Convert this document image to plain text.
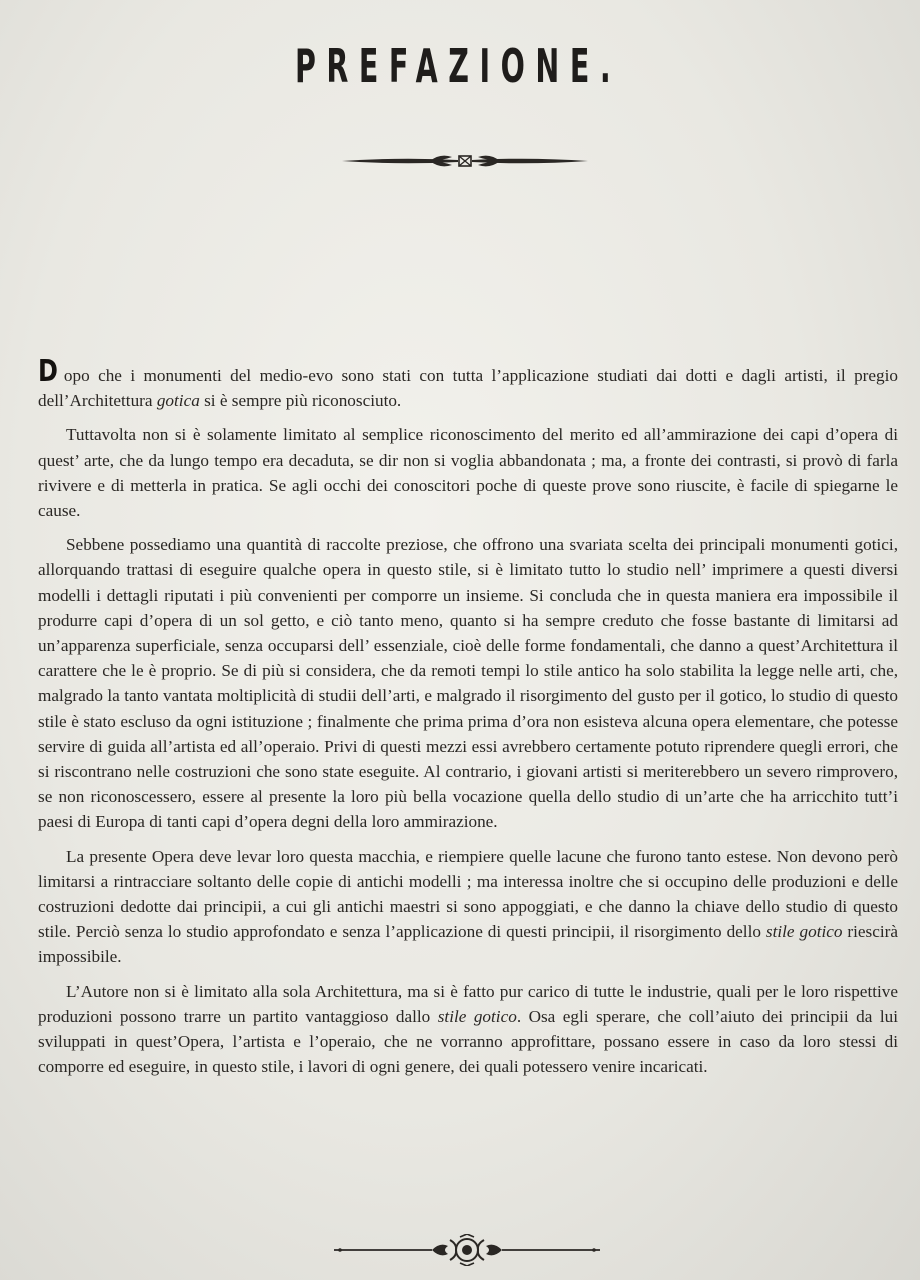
PREFAZIONE.

Dopo che i monumenti del medio-evo sono stati con tutta l’applicazione studiati dai dotti e dagli artisti, il pregio dell’Architettura gotica si è sempre più riconosciuto.

Tuttavolta non si è solamente limitato al semplice riconoscimento del merito ed all’ammirazione dei capi d’opera di quest’ arte, che da lungo tempo era decaduta, se dir non si voglia abbandonata ; ma, a fronte dei contrasti, si provò di farla rivivere e di metterla in pratica. Se agli occhi dei conoscitori poche di queste prove sono riuscite, è facile di spiegarne le cause.

Sebbene possediamo una quantità di raccolte preziose, che offrono una svariata scelta dei principali monumenti gotici, allorquando trattasi di eseguire qualche opera in questo stile, si è limitato tutto lo studio nell’ imprimere a questi diversi modelli i dettagli riputati i più convenienti per comporre un insieme. Si concluda che in questa maniera era impossibile il produrre capi d’opera di un sol getto, e ciò tanto meno, quanto si ha sempre creduto che fosse bastante di limitarsi ad un’apparenza superficiale, senza occuparsi dell’ essenziale, cioè delle forme fondamentali, che danno a quest’Architettura il carattere che le è proprio. Se di più si considera, che da remoti tempi lo stile antico ha solo stabilita la legge nelle arti, che, malgrado la tanto vantata moltiplicità di studii dell’arti, e malgrado il risorgimento del gusto per il gotico, lo studio di questo stile è stato escluso da ogni istituzione ; finalmente che prima prima d’ora non esisteva alcuna opera elementare, che potesse servire di guida all’artista ed all’operaio. Privi di questi mezzi essi avrebbero certamente potuto riprendere quegli errori, che si riscontrano nelle costruzioni che sono state eseguite. Al contrario, i giovani artisti si meriterebbero un severo rimprovero, se non riconoscessero, essere al presente la loro più bella vocazione quella dello studio di un’arte che ha arricchito tutt’i paesi di Europa di tanti capi d’opera degni della loro ammirazione.

La presente Opera deve levar loro questa macchia, e riempiere quelle lacune che furono tanto estese. Non devono però limitarsi a rintracciare soltanto delle copie di antichi modelli ; ma interessa inoltre che si occupino delle produzioni e delle costruzioni dedotte dai principii, a cui gli antichi maestri si sono appoggiati, e che danno la chiave dello studio di questo stile. Perciò senza lo studio approfondato e senza l’applicazione di questi principii, il risorgimento dello stile gotico riescirà impossibile.

L’Autore non si è limitato alla sola Architettura, ma si è fatto pur carico di tutte le industrie, quali per le loro rispettive produzioni possono trarre un partito vantaggioso dallo stile gotico. Osa egli sperare, che coll’aiuto dei principii da lui sviluppati in quest’Opera, l’artista e l’operaio, che ne vorranno approfittare, possano essere in caso da loro stessi di comporre ed eseguire, in questo stile, i lavori di ogni genere, dei quali potessero venire incaricati.
